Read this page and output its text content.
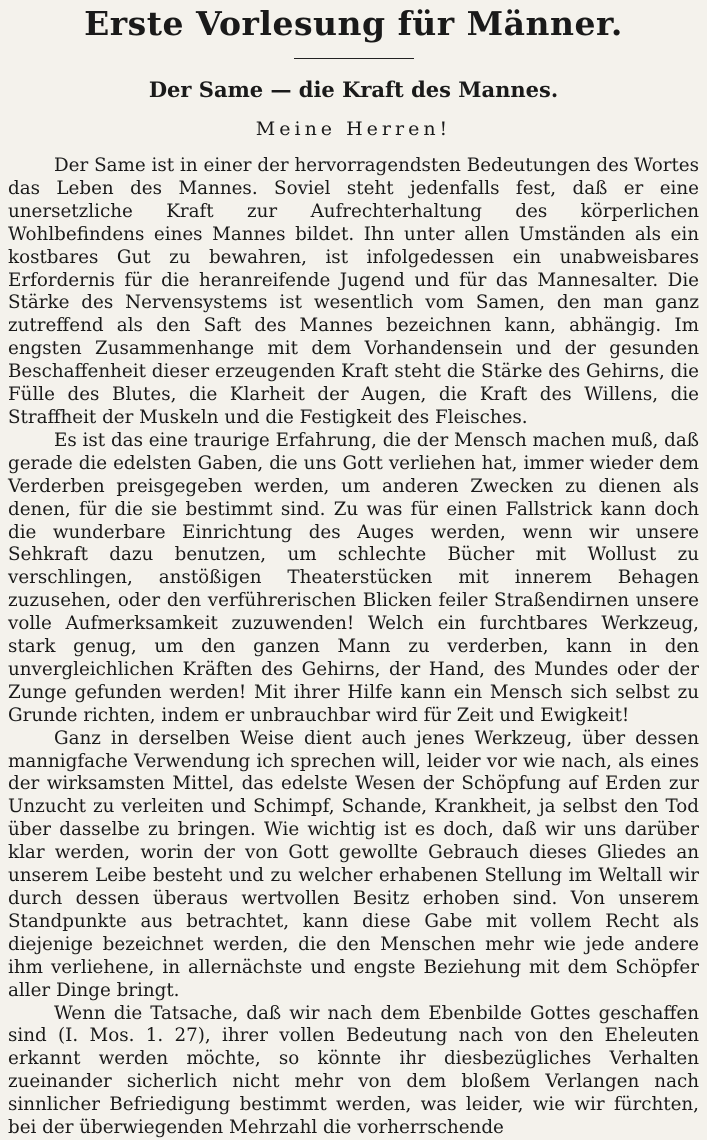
Erste Vorlesung für Männer.
Der Same — die Kraft des Mannes.

Meine Herren!

Der Same ist in einer der hervorragendsten Bedeutungen des Wortes das Leben des Mannes. Soviel steht jedenfalls fest, daß er eine unersetzliche Kraft zur Aufrechterhaltung des körperlichen Wohlbefindens eines Mannes bildet. Ihn unter allen Umständen als ein kostbares Gut zu bewahren, ist infolgedessen ein unabweisbares Erfordernis für die heranreifende Jugend und für das Mannesalter. Die Stärke des Nervensystems ist wesentlich vom Samen, den man ganz zutreffend als den Saft des Mannes bezeichnen kann, abhängig. Im engsten Zusammenhange mit dem Vorhandensein und der gesunden Beschaffenheit dieser erzeugenden Kraft steht die Stärke des Gehirns, die Fülle des Blutes, die Klarheit der Augen, die Kraft des Willens, die Straffheit der Muskeln und die Festigkeit des Fleisches.

Es ist das eine traurige Erfahrung, die der Mensch machen muß, daß gerade die edelsten Gaben, die uns Gott verliehen hat, immer wieder dem Verderben preisgegeben werden, um anderen Zwecken zu dienen als denen, für die sie bestimmt sind. Zu was für einen Fallstrick kann doch die wunderbare Einrichtung des Auges werden, wenn wir unsere Sehkraft dazu benutzen, um schlechte Bücher mit Wollust zu verschlingen, anstößigen Theaterstücken mit innerem Behagen zuzusehen, oder den verführerischen Blicken feiler Straßendirnen unsere volle Aufmerksamkeit zuzuwenden! Welch ein furchtbares Werkzeug, stark genug, um den ganzen Mann zu verderben, kann in den unvergleichlichen Kräften des Gehirns, der Hand, des Mundes oder der Zunge gefunden werden! Mit ihrer Hilfe kann ein Mensch sich selbst zu Grunde richten, indem er unbrauchbar wird für Zeit und Ewigkeit!

Ganz in derselben Weise dient auch jenes Werkzeug, über dessen mannigfache Verwendung ich sprechen will, leider vor wie nach, als eines der wirksamsten Mittel, das edelste Wesen der Schöpfung auf Erden zur Unzucht zu verleiten und Schimpf, Schande, Krankheit, ja selbst den Tod über dasselbe zu bringen. Wie wichtig ist es doch, daß wir uns darüber klar werden, worin der von Gott gewollte Gebrauch dieses Gliedes an unserem Leibe besteht und zu welcher erhabenen Stellung im Weltall wir durch dessen überaus wertvollen Besitz erhoben sind. Von unserem Standpunkte aus betrachtet, kann diese Gabe mit vollem Recht als diejenige bezeichnet werden, die den Menschen mehr wie jede andere ihm verliehene, in allernächste und engste Beziehung mit dem Schöpfer aller Dinge bringt.

Wenn die Tatsache, daß wir nach dem Ebenbilde Gottes geschaffen sind (I. Mos. 1. 27), ihrer vollen Bedeutung nach von den Eheleuten erkannt werden möchte, so könnte ihr diesbezügliches Verhalten zueinander sicherlich nicht mehr von dem bloßem Verlangen nach sinnlicher Befriedigung bestimmt werden, was leider, wie wir fürchten, bei der überwiegenden Mehrzahl die vorherrschende
